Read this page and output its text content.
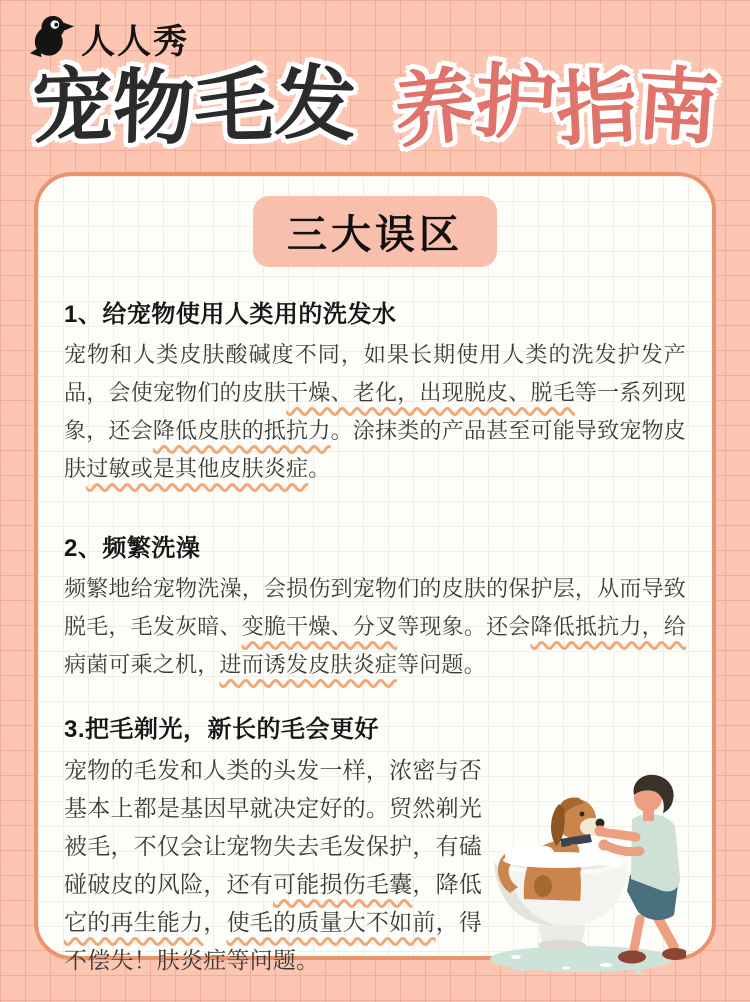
人人秀
宠物毛发 养护指南
三大误区
1、给宠物使用人类用的洗发水

宠物和人类皮肤酸碱度不同，如果长期使用人类的洗发护发产品，会使宠物们的皮肤干燥、老化，出现脱皮、脱毛等一系列现象，还会降低皮肤的抵抗力。涂抹类的产品甚至可能导致宠物皮肤过敏或是其他皮肤炎症。

2、频繁洗澡

频繁地给宠物洗澡，会损伤到宠物们的皮肤的保护层，从而导致脱毛，毛发灰暗、变脆干燥、分叉等现象。还会降低抵抗力，给病菌可乘之机，进而诱发皮肤炎症等问题。

3.把毛剃光，新长的毛会更好

宠物的毛发和人类的头发一样，浓密与否基本上都是基因早就决定好的。贸然剃光被毛，不仅会让宠物失去毛发保护，有磕碰破皮的风险，还有可能损伤毛囊，降低它的再生能力，使毛的质量大不如前，得不偿失！肤炎症等问题。
